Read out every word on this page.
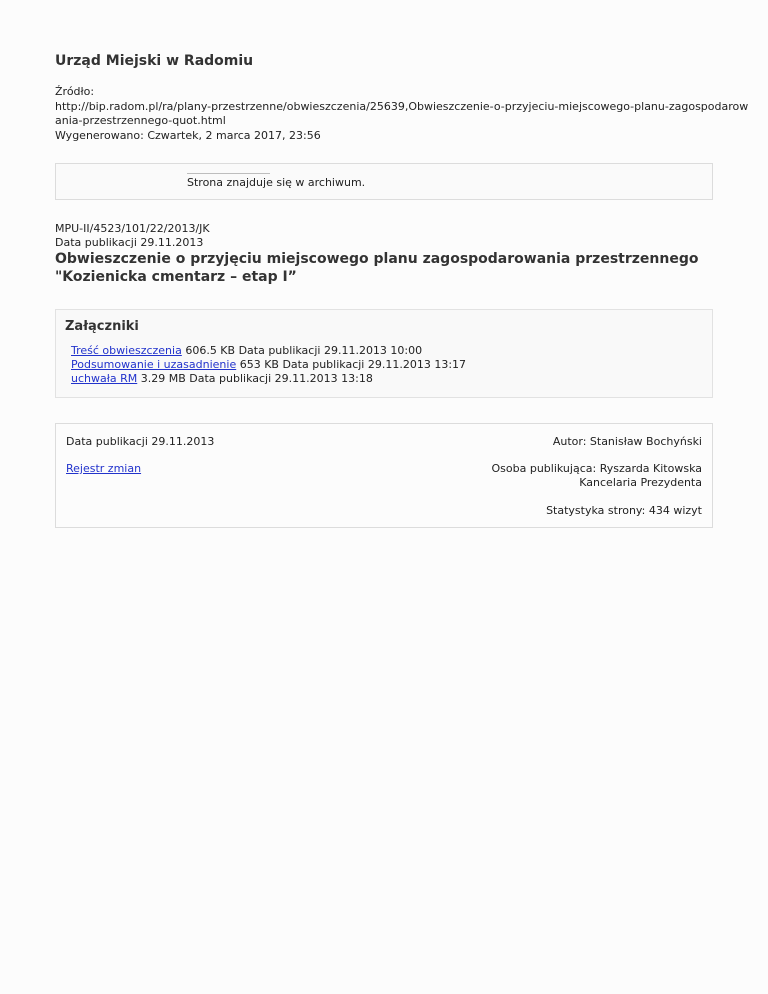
Urząd Miejski w Radomiu
Źródło:
http://bip.radom.pl/ra/plany-przestrzenne/obwieszczenia/25639,Obwieszczenie-o-przyjeciu-miejscowego-planu-zagospodarow
ania-przestrzennego-quot.html
Wygenerowano: Czwartek, 2 marca 2017, 23:56
Strona znajduje się w archiwum.
MPU-II/4523/101/22/2013/JK
Data publikacji 29.11.2013
Obwieszczenie o przyjęciu miejscowego planu zagospodarowania przestrzennego
"Kozienicka cmentarz – etap I”
Załączniki
Treść obwieszczenia 606.5 KB Data publikacji 29.11.2013 10:00
Podsumowanie i uzasadnienie 653 KB Data publikacji 29.11.2013 13:17
uchwała RM 3.29 MB Data publikacji 29.11.2013 13:18
Data publikacji 29.11.2013
Rejestr zmian
Autor: Stanisław Bochyński
Osoba publikująca: Ryszarda Kitowska
Kancelaria Prezydenta
Statystyka strony: 434 wizyt
